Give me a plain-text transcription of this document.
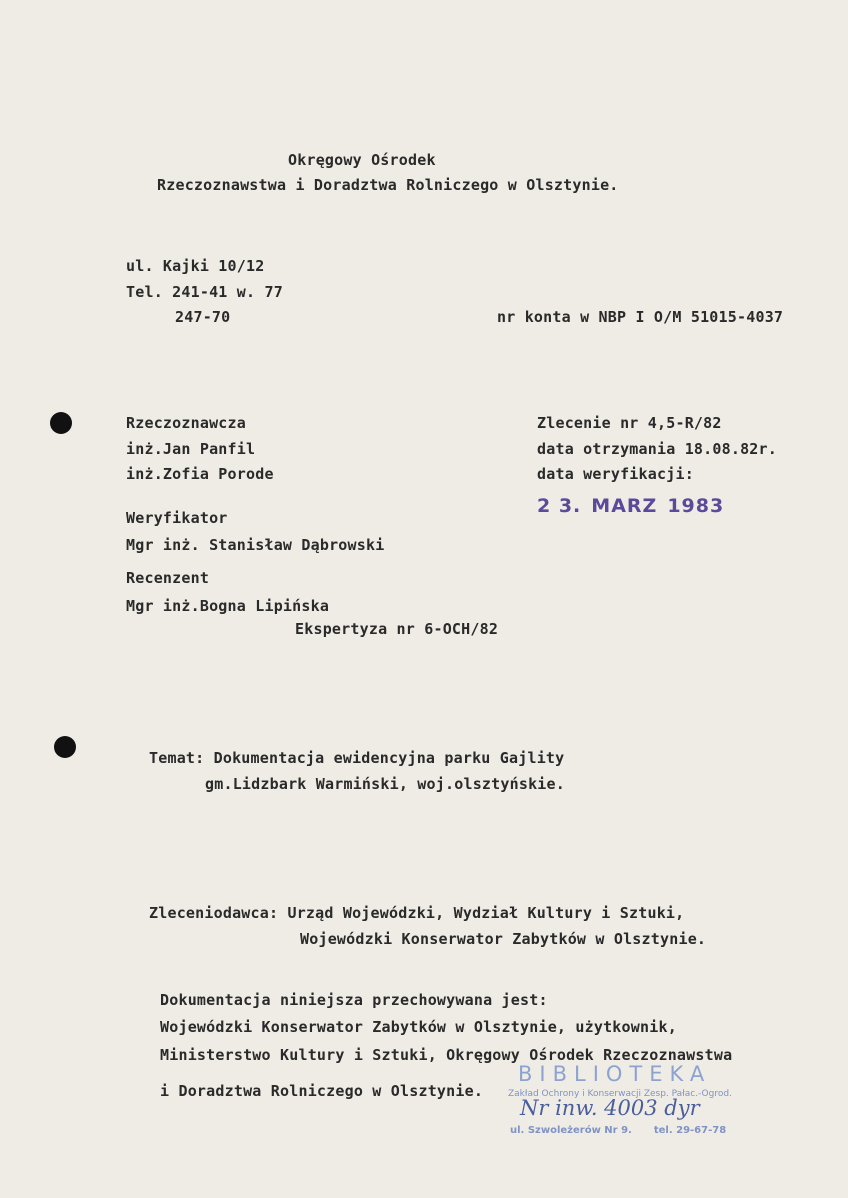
Okręgowy Ośrodek
Rzeczoznawstwa i Doradztwa Rolniczego w Olsztynie.
ul. Kajki 10/12
Tel. 241-41 w. 77
247-70	nr konta w NBP I O/M 51015-4037
Rzeczoznawcza
inż.Jan Panfil
inż.Zofia Porode
Zlecenie nr 4,5-R/82
data otrzymania 18.08.82r.
data weryfikacji:
2 3. MARZ 1983
Weryfikator
Mgr inż. Stanisław Dąbrowski
Recenzent
Mgr inż.Bogna Lipińska
Ekspertyza nr 6-OCH/82
Temat: Dokumentacja ewidencyjna parku Gajlity
gm.Lidzbark Warmiński, woj.olsztyńskie.
Zleceniodawca: Urząd Wojewódzki, Wydział Kultury i Sztuki,
Wojewódzki Konserwator Zabytków w Olsztynie.
Dokumentacja niniejsza przechowywana jest:
Wojewódzki Konserwator Zabytków w Olsztynie, użytkownik,
Ministerstwo Kultury i Sztuki, Okręgowy Ośrodek Rzeczoznawstwa
i Doradztwa Rolniczego w Olsztynie.
BIBLIOTEKA
Zakład Ochrony i Konserwacji Zesp. Pałac.-Ogrod.
Nr inw. 4003 dyr
ul. Szwoleżerów Nr 9. tel. 29-67-78
